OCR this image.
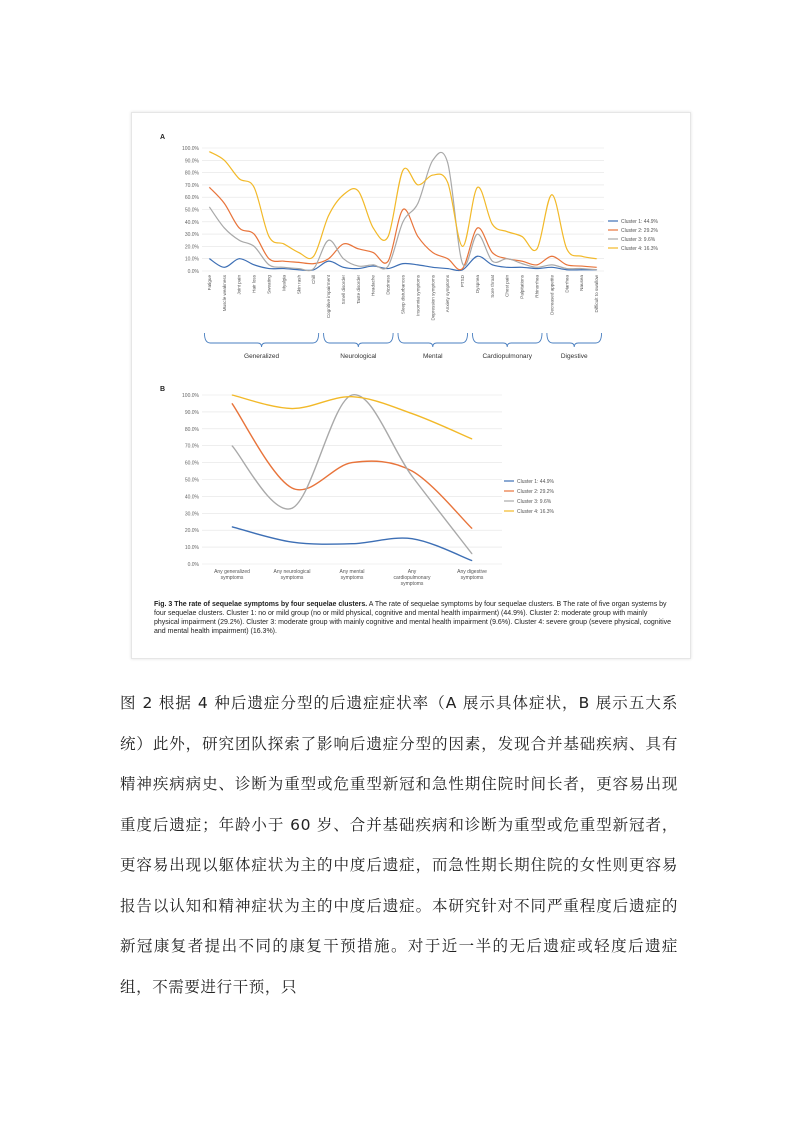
A
100.0%
90.0%
80.0%
70.0%
60.0%
50.0%
40.0%
30.0%
20.0%
10.0%
0.0%
Cluster 1: 44.9%
Cluster 2: 29.2%
Cluster 3: 9.6%
Cluster 4: 16.3%
Fatigue Muscle weakness Joint pain Hair loss Sweating Myalgia Skin rash Chill Cognitive impairment Smell disorder Taste disorder Headache Dizziness Sleep disturbances Insomnia symptoms Depression symptoms Anxiety symptoms PTSD Dyspnea Sore throat Chest pain Palpitations Rhinorrhea Decreased appetite Diarrhea Nausea Difficult to swallow
Generalized	Neurological	Mental	Cardiopulmonary	Digestive
B
100.0%
90.0%
80.0%
70.0%
60.0%
50.0%
40.0%
30.0%
20.0%
10.0%
0.0%
Cluster 1: 44.9%
Cluster 2: 29.2%
Cluster 3: 9.6%
Cluster 4: 16.3%
Any generalized
symptoms
Any neurological
symptoms
Any mental
symptoms
Any
cardiopulmonary
symptoms
Any digestive
symptoms
Fig. 3 The rate of sequelae symptoms by four sequelae clusters. A The rate of sequelae symptoms by four sequelae clusters. B The rate of five organ systems by four sequelae clusters. Cluster 1: no or mild group (no or mild physical, cognitive and mental health impairment) (44.9%). Cluster 2: moderate group with mainly physical impairment (29.2%). Cluster 3: moderate group with mainly cognitive and mental health impairment (9.6%). Cluster 4: severe group (severe physical, cognitive and mental health impairment) (16.3%).
图 2 根据 4 种后遗症分型的后遗症症状率（A 展示具体症状，B 展示五大系统）此外，研究团队探索了影响后遗症分型的因素，发现合并基础疾病、具有精神疾病病史、诊断为重型或危重型新冠和急性期住院时间长者，更容易出现重度后遗症；年龄小于 60 岁、合并基础疾病和诊断为重型或危重型新冠者，更容易出现以躯体症状为主的中度后遗症，而急性期长期住院的女性则更容易报告以认知和精神症状为主的中度后遗症。本研究针对不同严重程度后遗症的新冠康复者提出不同的康复干预措施。对于近一半的无后遗症或轻度后遗症组，不需要进行干预，只
